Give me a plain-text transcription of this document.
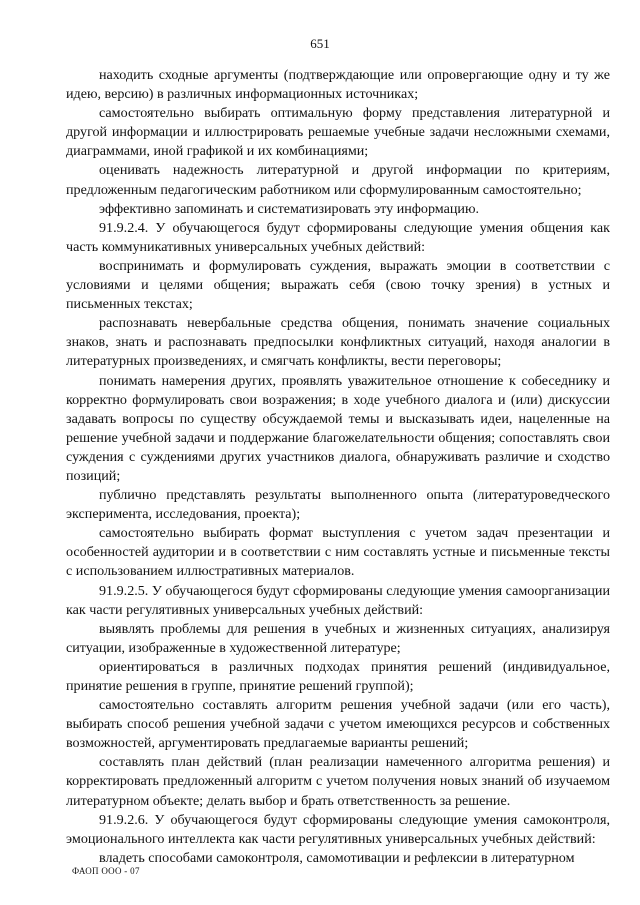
651

находить сходные аргументы (подтверждающие или опровергающие одну и ту же идею, версию) в различных информационных источниках;

самостоятельно выбирать оптимальную форму представления литературной и другой информации и иллюстрировать решаемые учебные задачи несложными схемами, диаграммами, иной графикой и их комбинациями;

оценивать надежность литературной и другой информации по критериям, предложенным педагогическим работником или сформулированным самостоятельно;

эффективно запоминать и систематизировать эту информацию.

91.9.2.4. У обучающегося будут сформированы следующие умения общения как часть коммуникативных универсальных учебных действий:

воспринимать и формулировать суждения, выражать эмоции в соответствии с условиями и целями общения; выражать себя (свою точку зрения) в устных и письменных текстах;

распознавать невербальные средства общения, понимать значение социальных знаков, знать и распознавать предпосылки конфликтных ситуаций, находя аналогии в литературных произведениях, и смягчать конфликты, вести переговоры;

понимать намерения других, проявлять уважительное отношение к собеседнику и корректно формулировать свои возражения; в ходе учебного диалога и (или) дискуссии задавать вопросы по существу обсуждаемой темы и высказывать идеи, нацеленные на решение учебной задачи и поддержание благожелательности общения; сопоставлять свои суждения с суждениями других участников диалога, обнаруживать различие и сходство позиций;

публично представлять результаты выполненного опыта (литературоведческого эксперимента, исследования, проекта);

самостоятельно выбирать формат выступления с учетом задач презентации и особенностей аудитории и в соответствии с ним составлять устные и письменные тексты с использованием иллюстративных материалов.

91.9.2.5. У обучающегося будут сформированы следующие умения самоорганизации как части регулятивных универсальных учебных действий:

выявлять проблемы для решения в учебных и жизненных ситуациях, анализируя ситуации, изображенные в художественной литературе;

ориентироваться в различных подходах принятия решений (индивидуальное, принятие решения в группе, принятие решений группой);

самостоятельно составлять алгоритм решения учебной задачи (или его часть), выбирать способ решения учебной задачи с учетом имеющихся ресурсов и собственных возможностей, аргументировать предлагаемые варианты решений;

составлять план действий (план реализации намеченного алгоритма решения) и корректировать предложенный алгоритм с учетом получения новых знаний об изучаемом литературном объекте; делать выбор и брать ответственность за решение.

91.9.2.6. У обучающегося будут сформированы следующие умения самоконтроля, эмоционального интеллекта как части регулятивных универсальных учебных действий:

владеть способами самоконтроля, самомотивации и рефлексии в литературном

ФАОП ООО - 07
